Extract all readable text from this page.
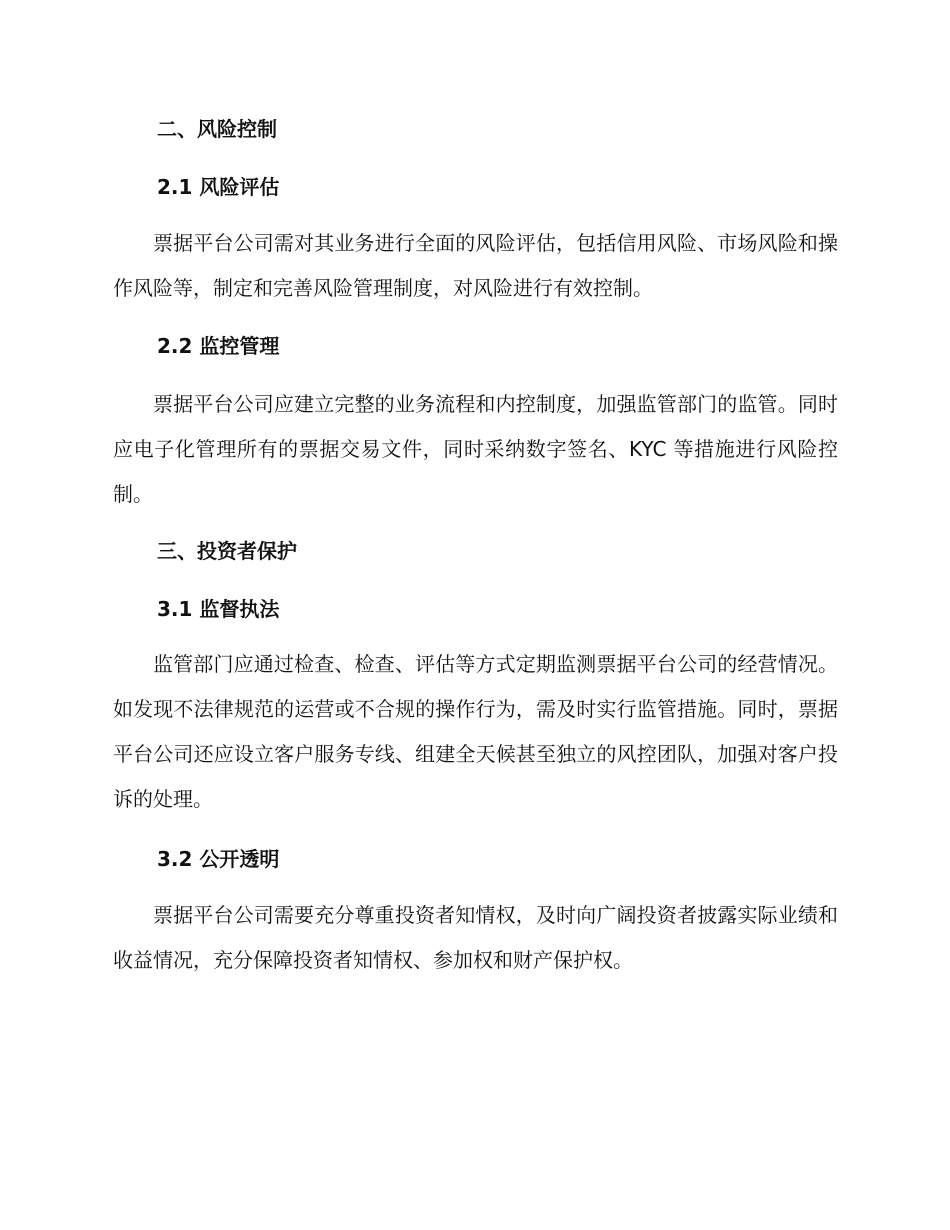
二、风险控制
2.1 风险评估
票据平台公司需对其业务进行全面的风险评估，包括信用风险、市场风险和操作风险等，制定和完善风险管理制度，对风险进行有效控制。
2.2 监控管理
票据平台公司应建立完整的业务流程和内控制度，加强监管部门的监管。同时应电子化管理所有的票据交易文件，同时采纳数字签名、KYC 等措施进行风险控制。
三、投资者保护
3.1 监督执法
监管部门应通过检查、检查、评估等方式定期监测票据平台公司的经营情况。如发现不法律规范的运营或不合规的操作行为，需及时实行监管措施。同时，票据平台公司还应设立客户服务专线、组建全天候甚至独立的风控团队，加强对客户投诉的处理。
3.2 公开透明
票据平台公司需要充分尊重投资者知情权，及时向广阔投资者披露实际业绩和收益情况，充分保障投资者知情权、参加权和财产保护权。
